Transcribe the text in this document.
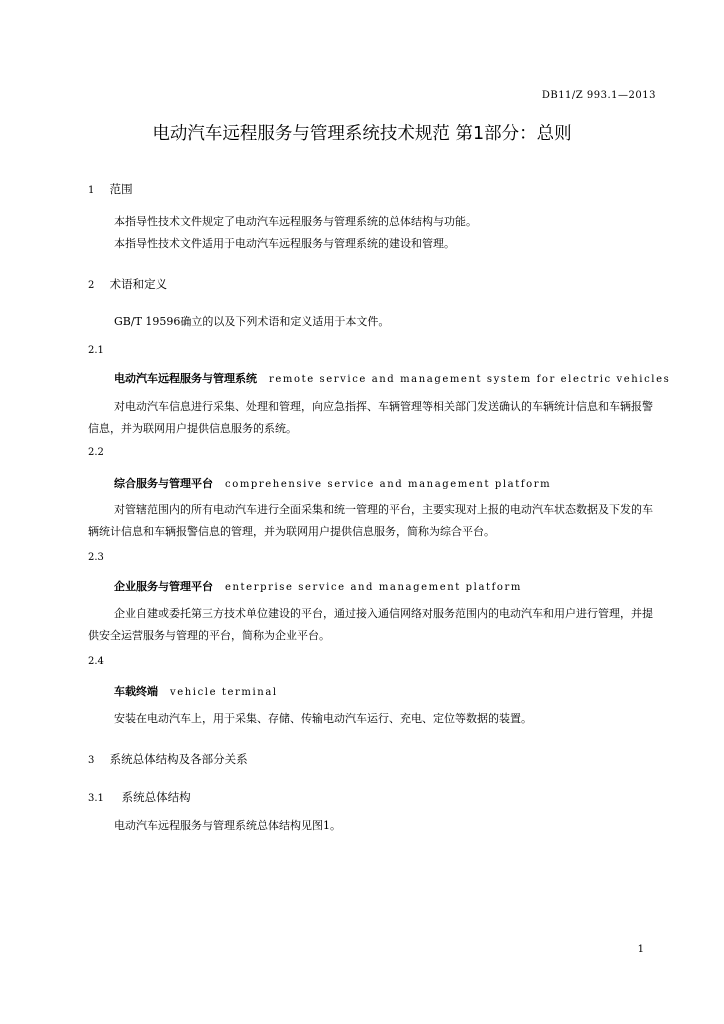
DB11/Z 993.1—2013
电动汽车远程服务与管理系统技术规范 第1部分：总则
1 范围
本指导性技术文件规定了电动汽车远程服务与管理系统的总体结构与功能。
本指导性技术文件适用于电动汽车远程服务与管理系统的建设和管理。
2 术语和定义
GB/T 19596确立的以及下列术语和定义适用于本文件。
2.1
电动汽车远程服务与管理系统 remote service and management system for electric vehicles
对电动汽车信息进行采集、处理和管理，向应急指挥、车辆管理等相关部门发送确认的车辆统计信息和车辆报警信息，并为联网用户提供信息服务的系统。
2.2
综合服务与管理平台 comprehensive service and management platform
对管辖范围内的所有电动汽车进行全面采集和统一管理的平台，主要实现对上报的电动汽车状态数据及下发的车辆统计信息和车辆报警信息的管理，并为联网用户提供信息服务，简称为综合平台。
2.3
企业服务与管理平台 enterprise service and management platform
企业自建或委托第三方技术单位建设的平台，通过接入通信网络对服务范围内的电动汽车和用户进行管理，并提供安全运营服务与管理的平台，简称为企业平台。
2.4
车载终端 vehicle terminal
安装在电动汽车上，用于采集、存储、传输电动汽车运行、充电、定位等数据的装置。
3 系统总体结构及各部分关系
3.1 系统总体结构
电动汽车远程服务与管理系统总体结构见图1。
1
